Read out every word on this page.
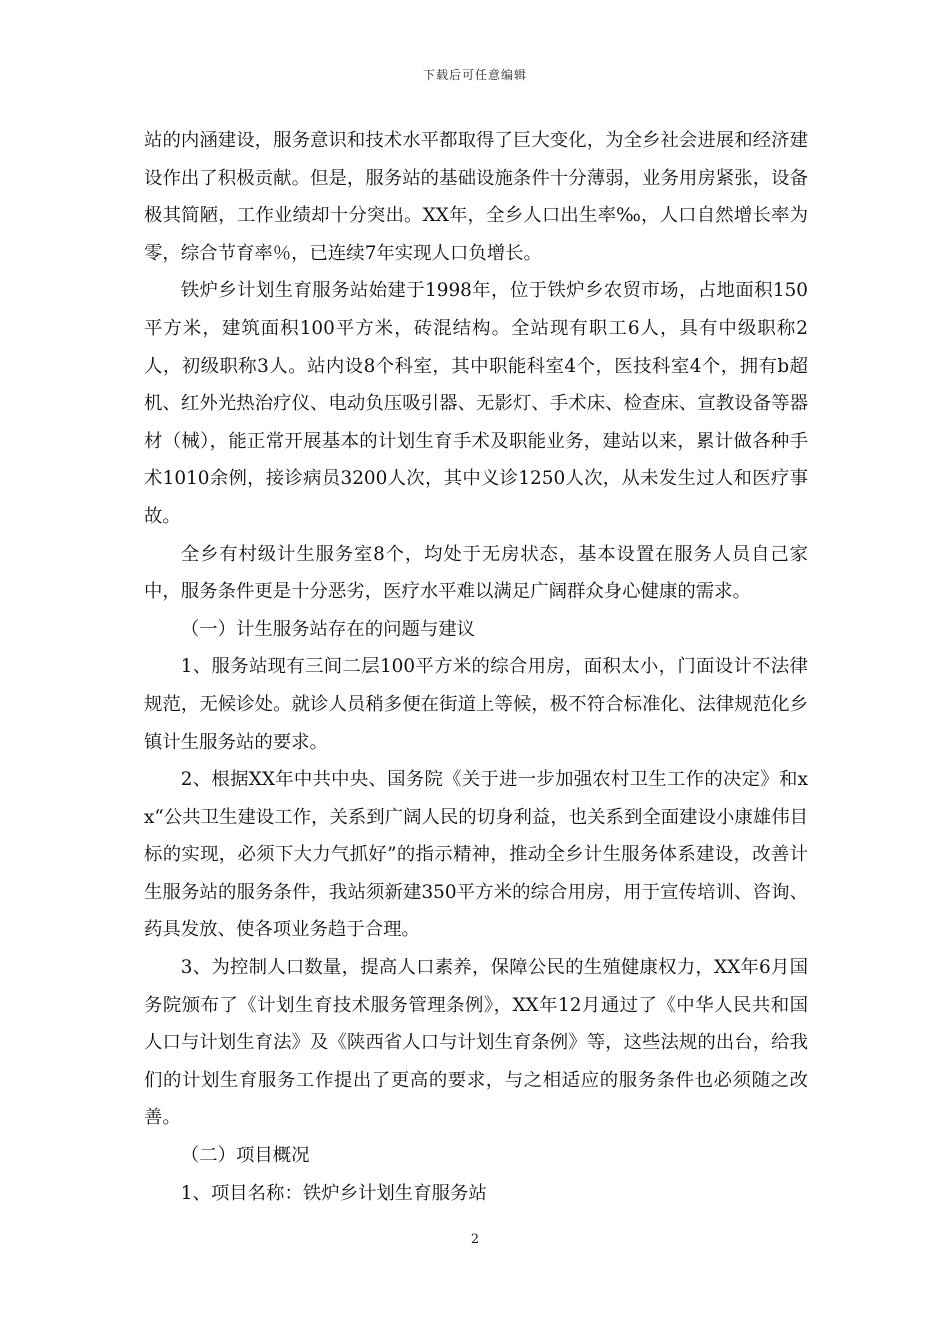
下载后可任意编辑

站的内涵建设，服务意识和技术水平都取得了巨大变化，为全乡社会进展和经济建设作出了积极贡献。但是，服务站的基础设施条件十分薄弱，业务用房紧张，设备极其简陋，工作业绩却十分突出。XX年，全乡人口出生率‰，人口自然增长率为零，综合节育率％，已连续7年实现人口负增长。

铁炉乡计划生育服务站始建于1998年，位于铁炉乡农贸市场，占地面积150平方米，建筑面积100平方米，砖混结构。全站现有职工6人，具有中级职称2人，初级职称3人。站内设8个科室，其中职能科室4个，医技科室4个，拥有b超机、红外光热治疗仪、电动负压吸引器、无影灯、手术床、检查床、宣教设备等器材（械），能正常开展基本的计划生育手术及职能业务，建站以来，累计做各种手术1010余例，接诊病员3200人次，其中义诊1250人次，从未发生过人和医疗事故。

全乡有村级计生服务室8个，均处于无房状态，基本设置在服务人员自己家中，服务条件更是十分恶劣，医疗水平难以满足广阔群众身心健康的需求。

（一）计生服务站存在的问题与建议

1、服务站现有三间二层100平方米的综合用房，面积太小，门面设计不法律规范，无候诊处。就诊人员稍多便在街道上等候，极不符合标准化、法律规范化乡镇计生服务站的要求。

2、根据XX年中共中央、国务院《关于进一步加强农村卫生工作的决定》和xx“公共卫生建设工作，关系到广阔人民的切身利益，也关系到全面建设小康雄伟目标的实现，必须下大力气抓好”的指示精神，推动全乡计生服务体系建设，改善计生服务站的服务条件，我站须新建350平方米的综合用房，用于宣传培训、咨询、药具发放、使各项业务趋于合理。

3、为控制人口数量，提高人口素养，保障公民的生殖健康权力，XX年6月国务院颁布了《计划生育技术服务管理条例》，XX年12月通过了《中华人民共和国人口与计划生育法》及《陕西省人口与计划生育条例》等，这些法规的出台，给我们的计划生育服务工作提出了更高的要求，与之相适应的服务条件也必须随之改善。

（二）项目概况

1、项目名称：铁炉乡计划生育服务站

2
